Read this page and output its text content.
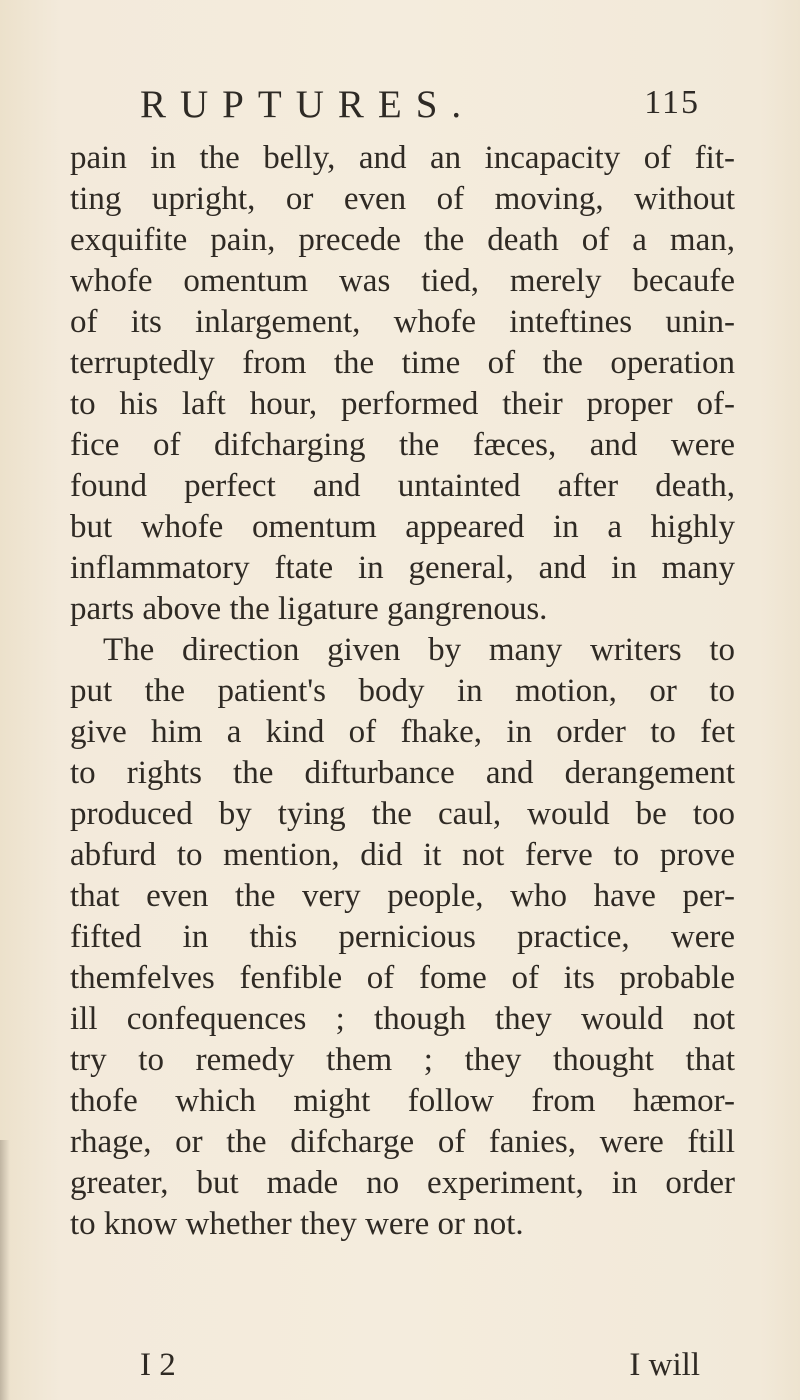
RUPTURES.	115
pain in the belly, and an incapacity of fit-
ting upright, or even of moving, without
exquifite pain, precede the death of a man,
whofe omentum was tied, merely becaufe
of its inlargement, whofe inteftines unin-
terruptedly from the time of the operation
to his laft hour, performed their proper of-
fice of difcharging the fæces, and were
found perfect and untainted after death,
but whofe omentum appeared in a highly
inflammatory ftate in general, and in many
parts above the ligature gangrenous.
The direction given by many writers to
put the patient's body in motion, or to
give him a kind of fhake, in order to fet
to rights the difturbance and derangement
produced by tying the caul, would be too
abfurd to mention, did it not ferve to prove
that even the very people, who have per-
fifted in this pernicious practice, were
themfelves fenfible of fome of its probable
ill confequences ; though they would not
try to remedy them ; they thought that
thofe which might follow from hæmor-
rhage, or the difcharge of fanies, were ftill
greater, but made no experiment, in order
to know whether they were or not.
I 2	I will
